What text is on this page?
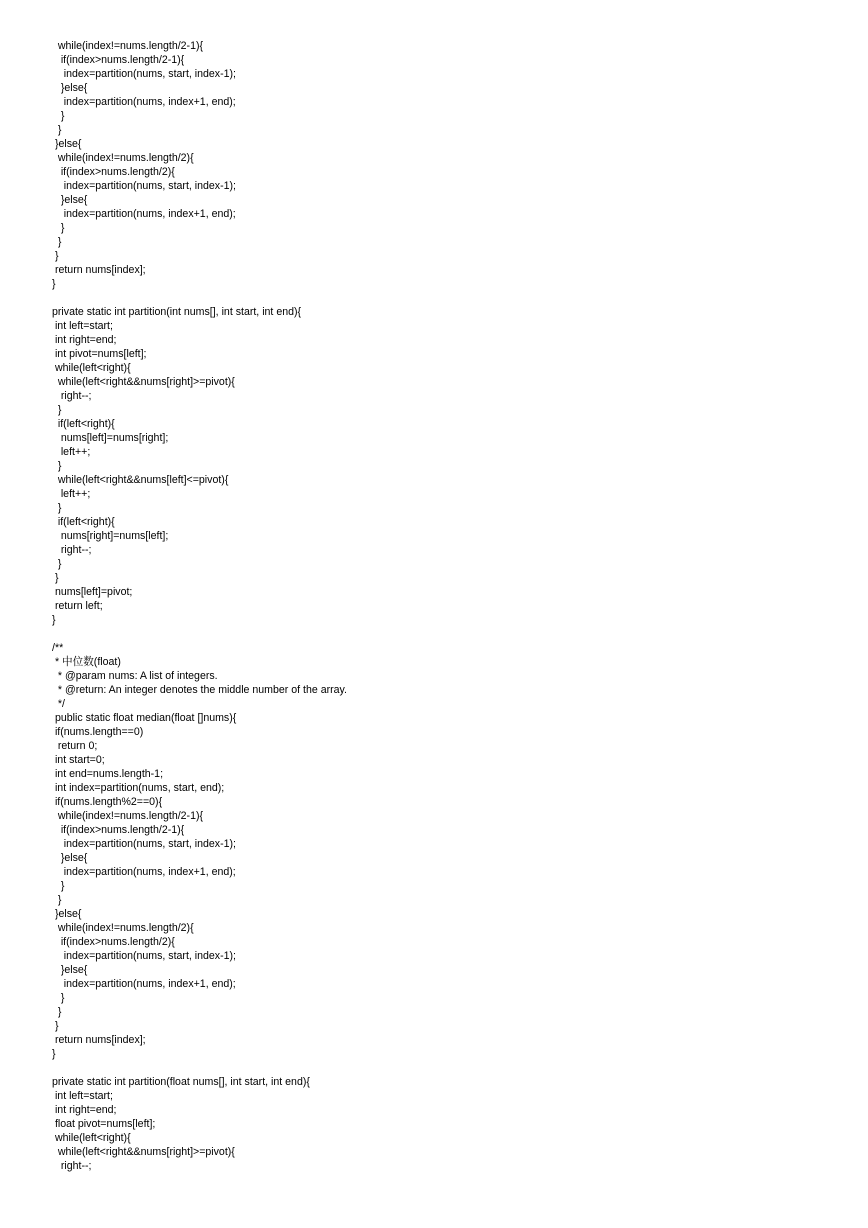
while(index!=nums.length/2-1){
if(index>nums.length/2-1){
index=partition(nums, start, index-1);
}else{
index=partition(nums, index+1, end);
}
}
}else{
while(index!=nums.length/2){
if(index>nums.length/2){
index=partition(nums, start, index-1);
}else{
index=partition(nums, index+1, end);
}
}
}
return nums[index];
}
private static int partition(int nums[], int start, int end){
int left=start;
int right=end;
int pivot=nums[left];
while(left<right){
while(left<right&&nums[right]>=pivot){
right--;
}
if(left<right){
nums[left]=nums[right];
left++;
}
while(left<right&&nums[left]<=pivot){
left++;
}
if(left<right){
nums[right]=nums[left];
right--;
}
}
nums[left]=pivot;
return left;
}
/**
* 中位数(float)
* @param nums: A list of integers.
* @return: An integer denotes the middle number of the array.
*/
public static float median(float []nums){
if(nums.length==0)
return 0;
int start=0;
int end=nums.length-1;
int index=partition(nums, start, end);
if(nums.length%2==0){
while(index!=nums.length/2-1){
if(index>nums.length/2-1){
index=partition(nums, start, index-1);
}else{
index=partition(nums, index+1, end);
}
}
}else{
while(index!=nums.length/2){
if(index>nums.length/2){
index=partition(nums, start, index-1);
}else{
index=partition(nums, index+1, end);
}
}
}
return nums[index];
}
private static int partition(float nums[], int start, int end){
int left=start;
int right=end;
float pivot=nums[left];
while(left<right){
while(left<right&&nums[right]>=pivot){
right--;
